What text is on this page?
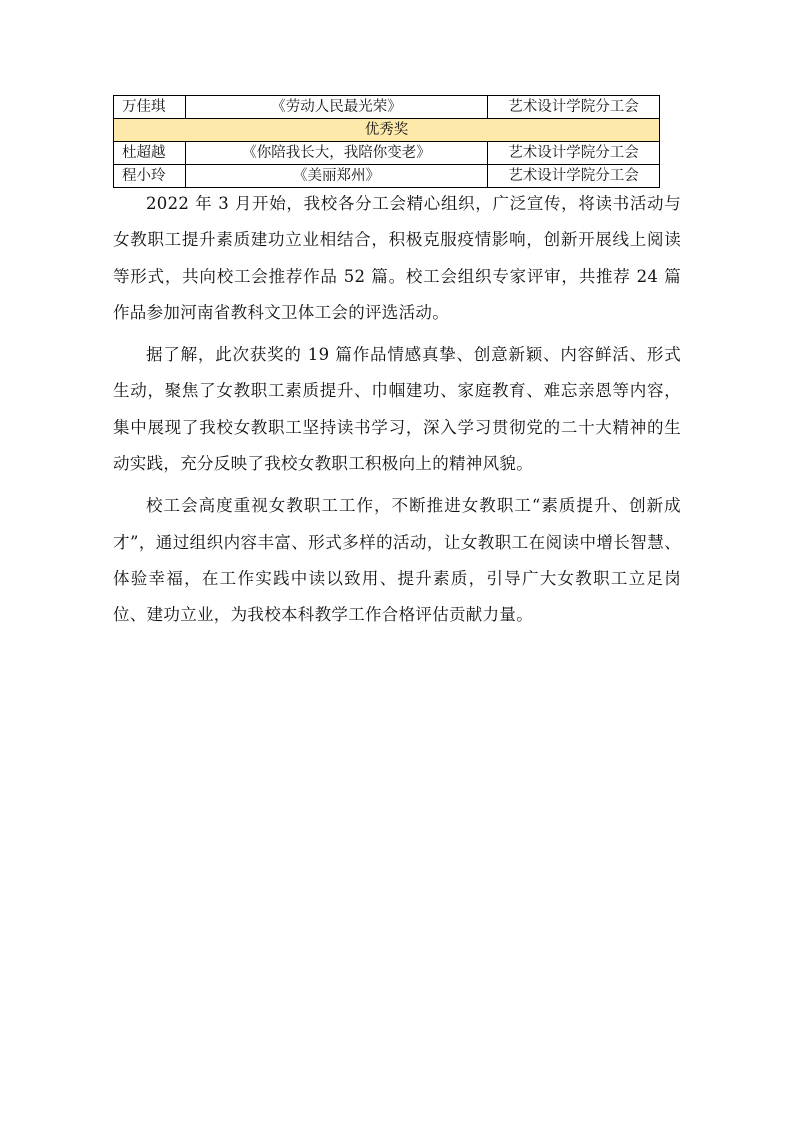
万佳琪	《劳动人民最光荣》	艺术设计学院分工会
优秀奖		
杜超越	《你陪我长大，我陪你变老》	艺术设计学院分工会
程小玲	《美丽郑州》	艺术设计学院分工会

2022 年 3 月开始，我校各分工会精心组织，广泛宣传，将读书活动与女教职工提升素质建功立业相结合，积极克服疫情影响，创新开展线上阅读等形式，共向校工会推荐作品 52 篇。校工会组织专家评审，共推荐 24 篇作品参加河南省教科文卫体工会的评选活动。

据了解，此次获奖的 19 篇作品情感真挚、创意新颖、内容鲜活、形式生动，聚焦了女教职工素质提升、巾帼建功、家庭教育、难忘亲恩等内容，集中展现了我校女教职工坚持读书学习，深入学习贯彻党的二十大精神的生动实践，充分反映了我校女教职工积极向上的精神风貌。

校工会高度重视女教职工工作，不断推进女教职工“素质提升、创新成才”，通过组织内容丰富、形式多样的活动，让女教职工在阅读中增长智慧、体验幸福，在工作实践中读以致用、提升素质，引导广大女教职工立足岗位、建功立业，为我校本科教学工作合格评估贡献力量。
